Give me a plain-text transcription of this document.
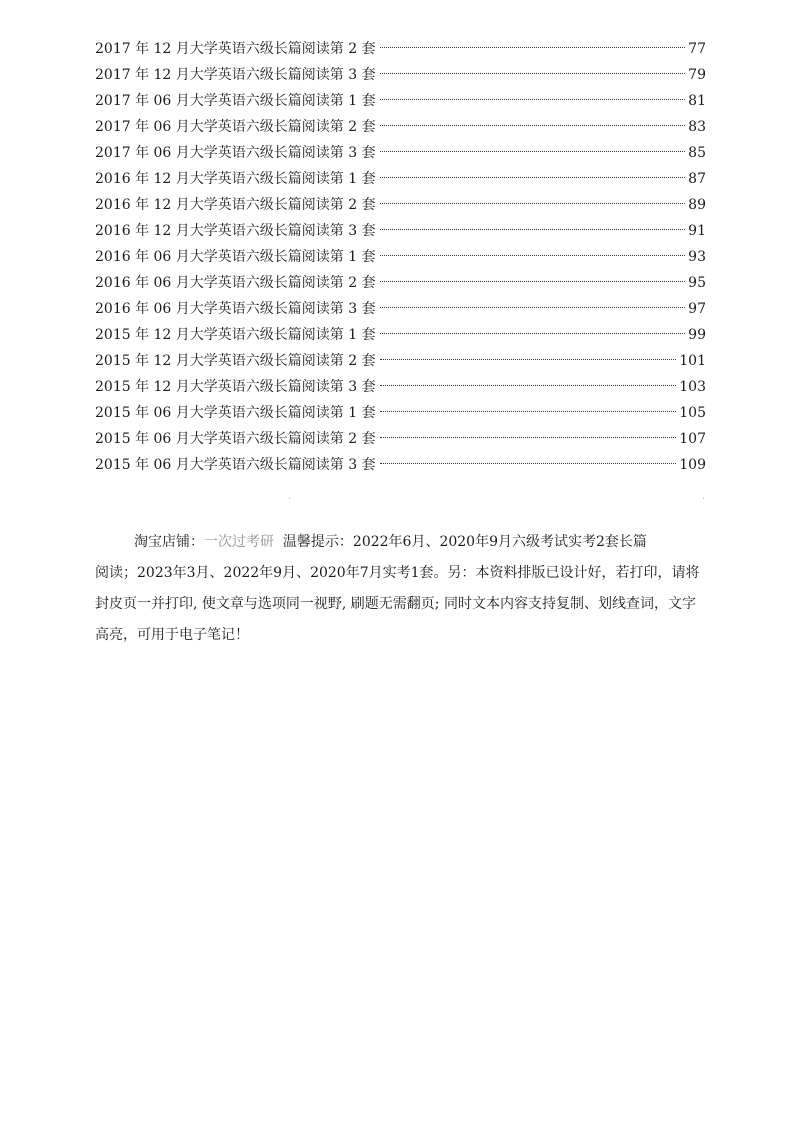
2017 年 12 月大学英语六级长篇阅读第 2 套	77
2017 年 12 月大学英语六级长篇阅读第 3 套	79
2017 年 06 月大学英语六级长篇阅读第 1 套	81
2017 年 06 月大学英语六级长篇阅读第 2 套	83
2017 年 06 月大学英语六级长篇阅读第 3 套	85
2016 年 12 月大学英语六级长篇阅读第 1 套	87
2016 年 12 月大学英语六级长篇阅读第 2 套	89
2016 年 12 月大学英语六级长篇阅读第 3 套	91
2016 年 06 月大学英语六级长篇阅读第 1 套	93
2016 年 06 月大学英语六级长篇阅读第 2 套	95
2016 年 06 月大学英语六级长篇阅读第 3 套	97
2015 年 12 月大学英语六级长篇阅读第 1 套	99
2015 年 12 月大学英语六级长篇阅读第 2 套	101
2015 年 12 月大学英语六级长篇阅读第 3 套	103
2015 年 06 月大学英语六级长篇阅读第 1 套	105
2015 年 06 月大学英语六级长篇阅读第 2 套	107
2015 年 06 月大学英语六级长篇阅读第 3 套	109
·	·
淘宝店铺：一次过考研 温馨提示：2022年6月、2020年9月六级考试实考2套长篇
阅读；2023年3月、2022年9月、2020年7月实考1套。另：本资料排版已设计好，若打印，请将封皮页一并打印, 使文章与选项同一视野, 刷题无需翻页; 同时文本内容支持复制、划线查词，文字高亮，可用于电子笔记！
